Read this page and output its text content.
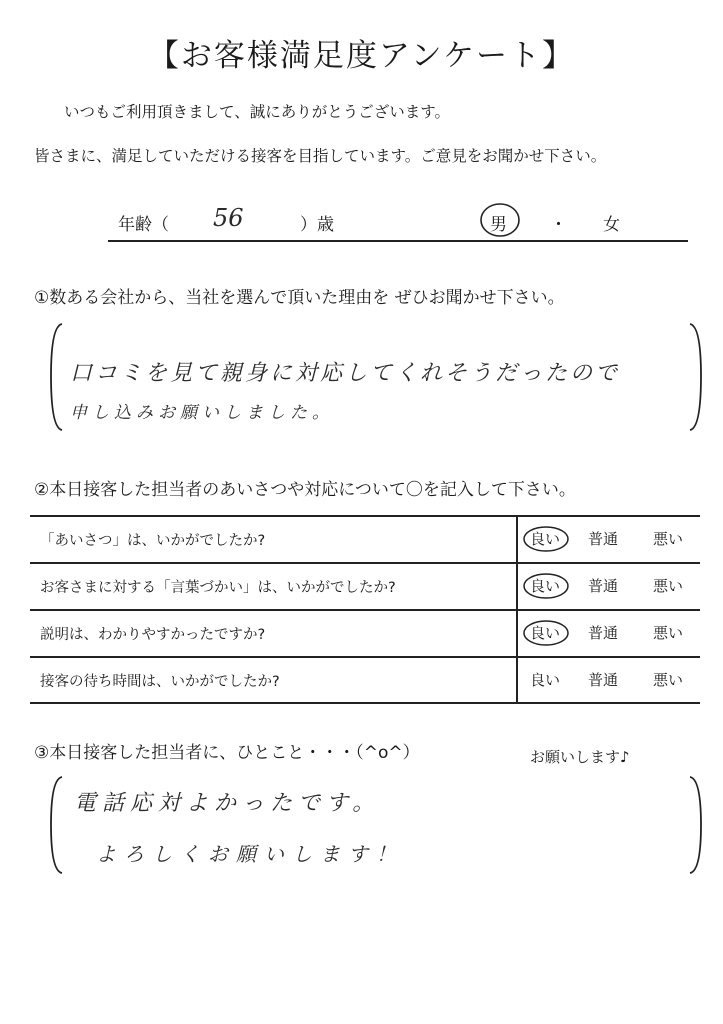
【お客様満足度アンケート】
いつもご利用頂きまして、誠にありがとうございます。
皆さまに、満足していただける接客を目指しています。ご意見をお聞かせ下さい。
年齢（ 56	）歳	男	・ 女
①数ある会社から、当社を選んで頂いた理由を ぜひお聞かせ下さい。
口コミを見て親身に対応してくれそうだったので
申し込みお願いしました。
②本日接客した担当者のあいさつや対応について〇を記入して下さい。
「あいさつ」は、いかがでしたか?	良い 普通 悪い
お客さまに対する「言葉づかい」は、いかがでしたか?	良い 普通 悪い
説明は、わかりやすかったですか?	良い 普通 悪い
接客の待ち時間は、いかがでしたか?	良い 普通 悪い
③本日接客した担当者に、ひとこと・・・（^o^）	お願いします♪
電話応対よかったです。
よろしくお願いします！
